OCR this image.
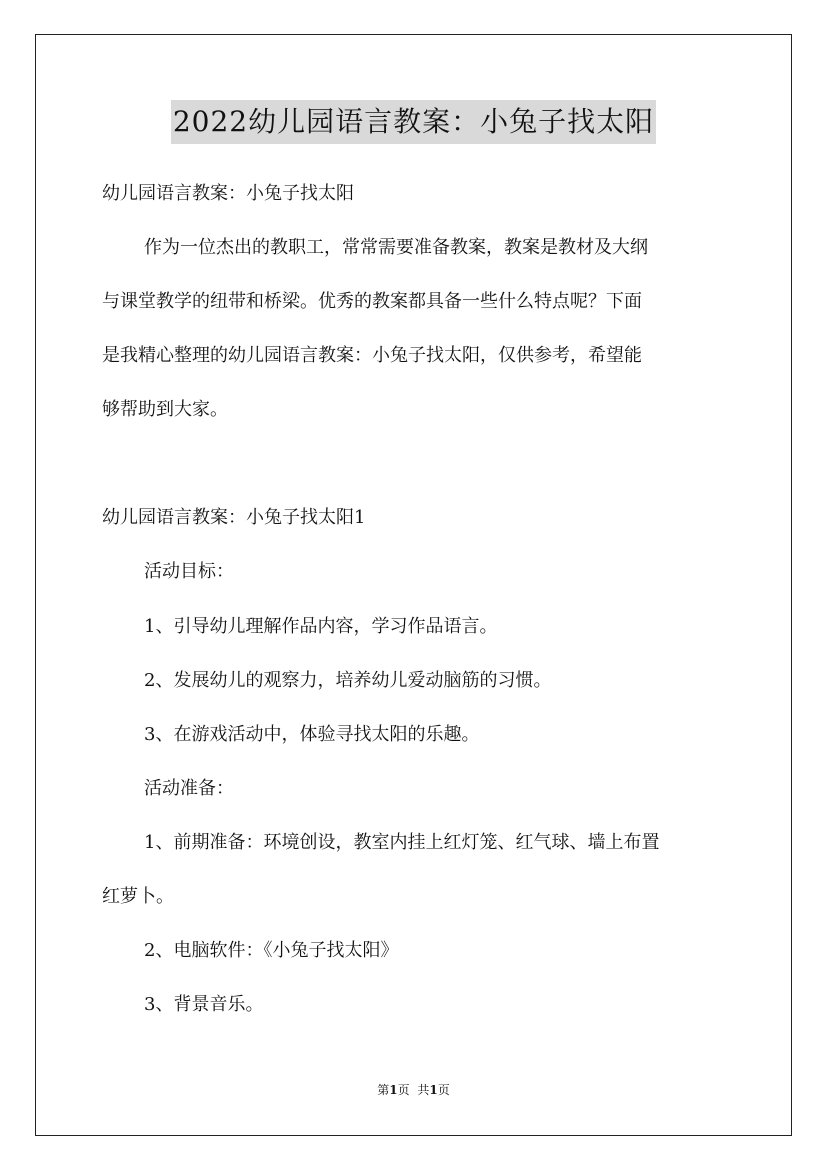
2022幼儿园语言教案：小兔子找太阳
幼儿园语言教案：小兔子找太阳
作为一位杰出的教职工，常常需要准备教案，教案是教材及大纲
与课堂教学的纽带和桥梁。优秀的教案都具备一些什么特点呢？下面
是我精心整理的幼儿园语言教案：小兔子找太阳，仅供参考，希望能
够帮助到大家。
幼儿园语言教案：小兔子找太阳1
活动目标：
1、引导幼儿理解作品内容，学习作品语言。
2、发展幼儿的观察力，培养幼儿爱动脑筋的习惯。
3、在游戏活动中，体验寻找太阳的乐趣。
活动准备：
1、前期准备：环境创设，教室内挂上红灯笼、红气球、墙上布置
红萝卜。
2、电脑软件：《小兔子找太阳》
3、背景音乐。
第1页 共1页
